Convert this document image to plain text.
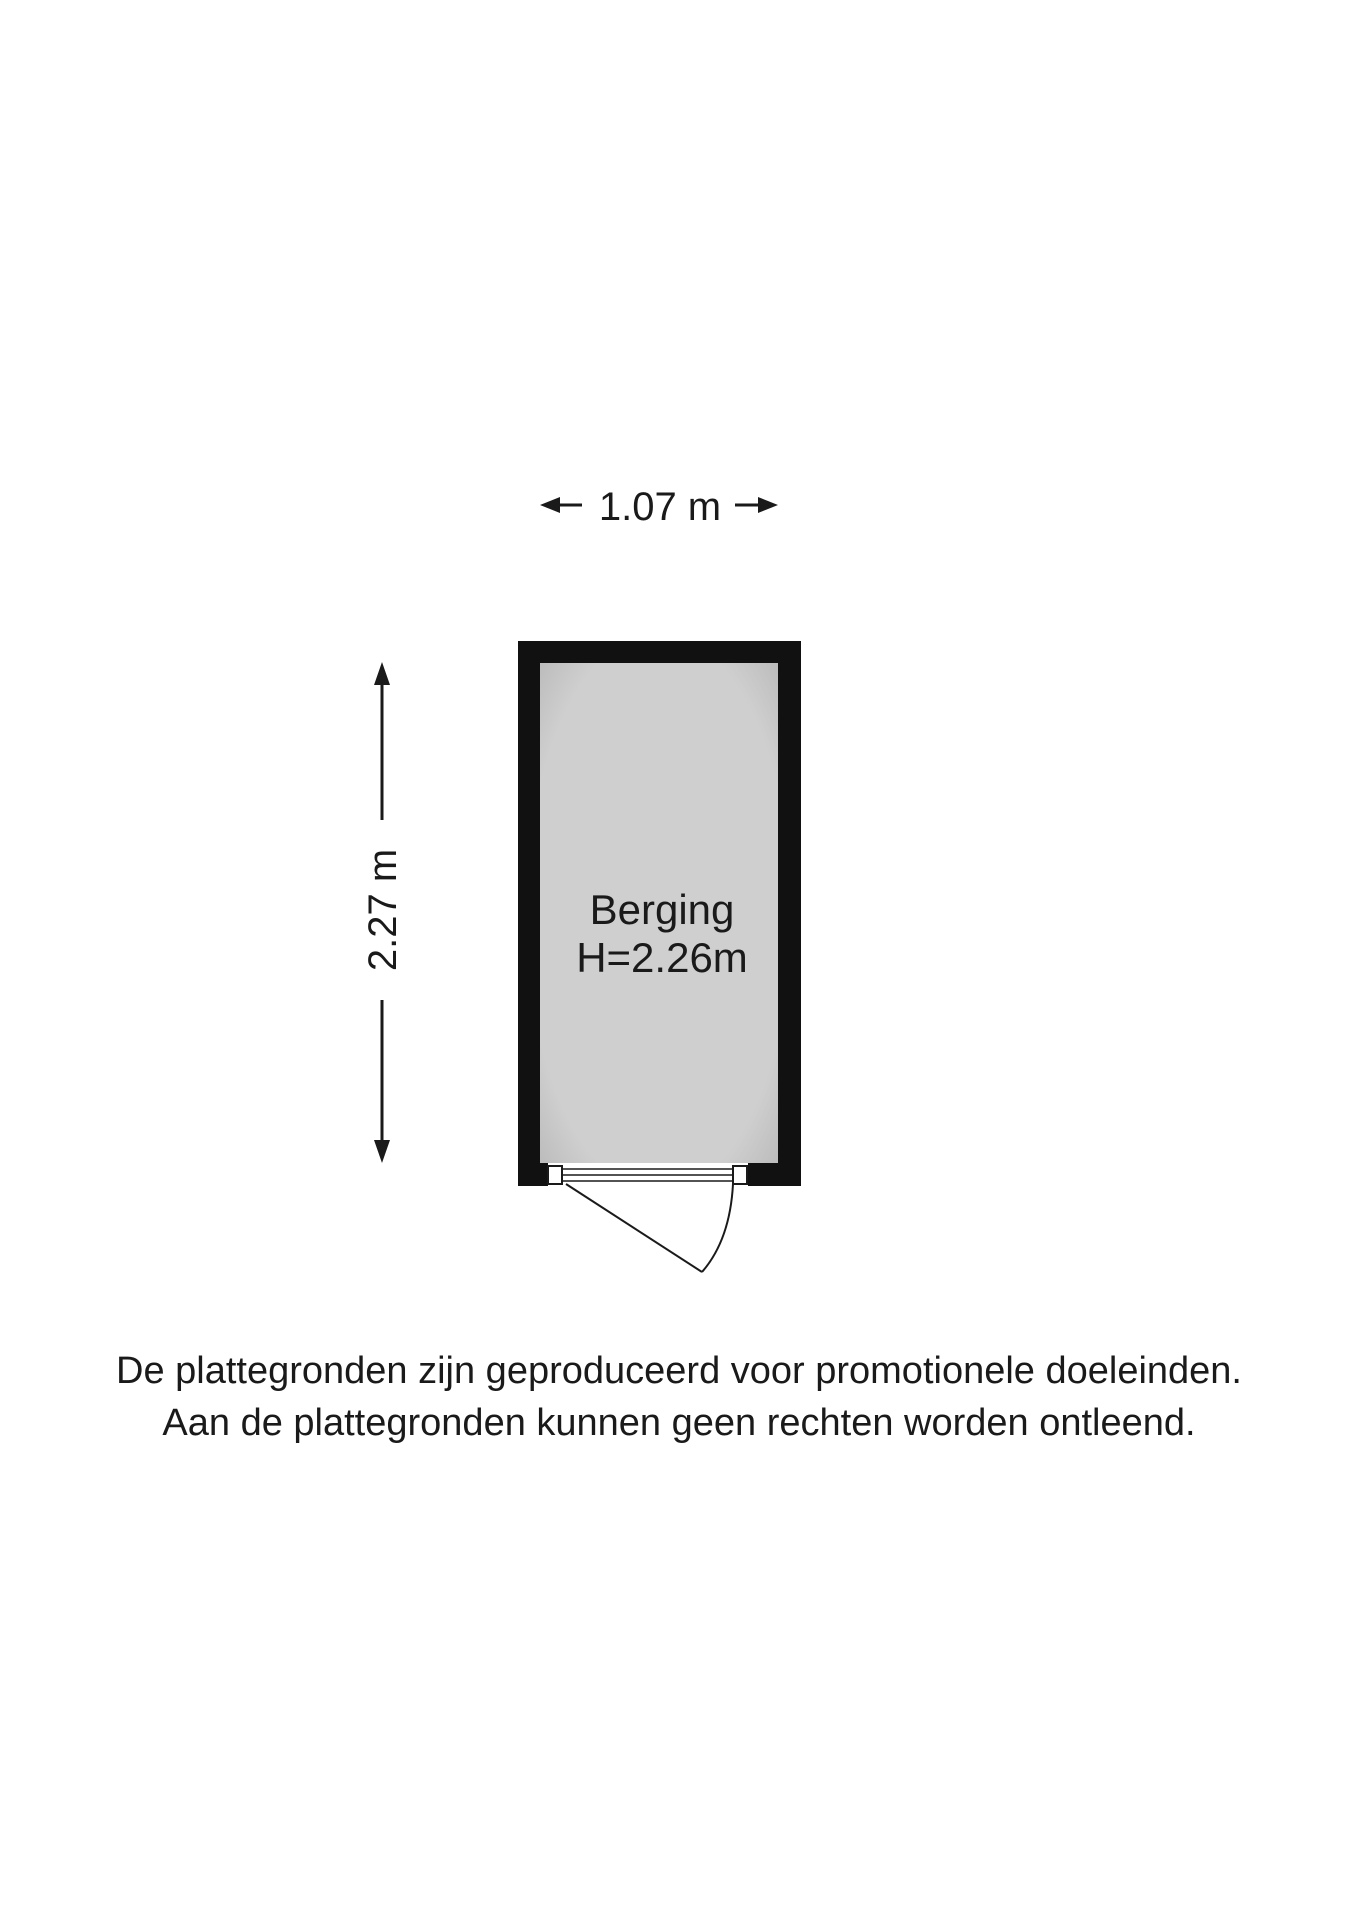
1.07 m
2.27 m	Berging
H=2.26m
De plattegronden zijn geproduceerd voor promotionele doeleinden.
Aan de plattegronden kunnen geen rechten worden ontleend.
